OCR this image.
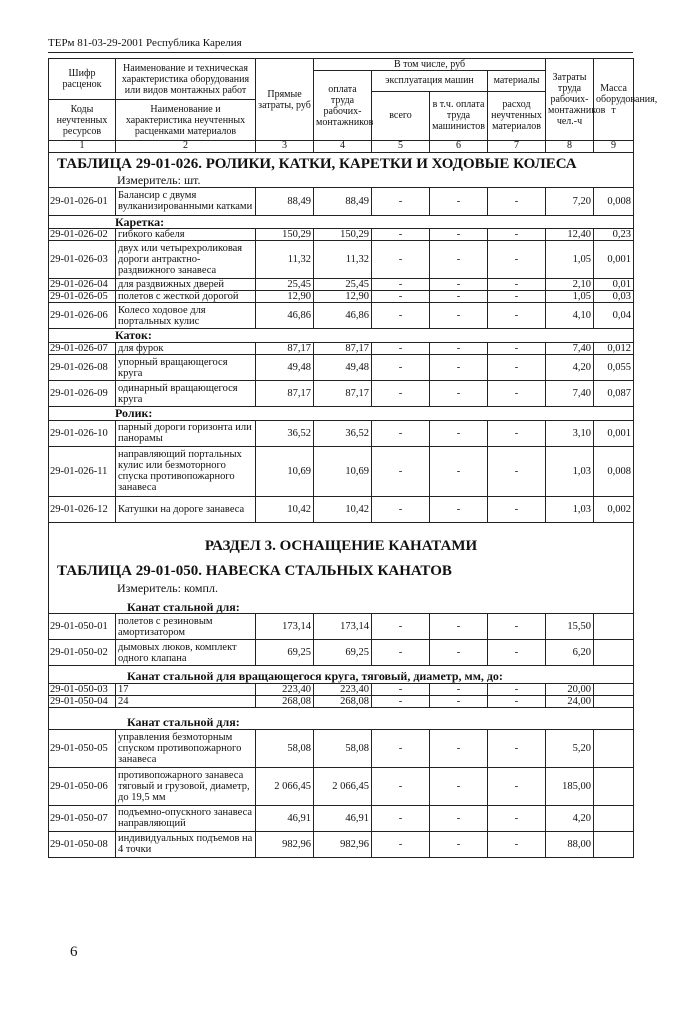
ТЕРм 81-03-29-2001 Республика Карелия
Шифр расценок	Наименование и техническая характеристика оборудования или видов монтажных работ	Прямые затраты, руб	В том числе, руб				Затраты труда рабочих-монтажников чел.-ч	Масса оборудования, т
			оплата труда рабочих-монтажников	эксплуатация машин		материалы		
				всего	в т.ч. оплата труда машинистов	расход неучтенных материалов		
Коды неучтенных ресурсов	Наименование и характеристика неучтенных расценками материалов							

1	2	3	4	5	6	7	8	9
ТАБЛИЦА 29-01-026. РОЛИКИ, КАТКИ, КАРЕТКИ И ХОДОВЫЕ КОЛЕСА								
Измеритель: шт.								
29-01-026-01	Балансир с двумя вулканизированными катками	88,49	88,49	-	-	-	7,20	0,008
Каретка:								
29-01-026-02	гибкого кабеля	150,29	150,29	-	-	-	12,40	0,23
29-01-026-03	двух или четырехроликовая дороги антрактно-раздвижного занавеса	11,32	11,32	-	-	-	1,05	0,001
29-01-026-04	для раздвижных дверей	25,45	25,45	-	-	-	2,10	0,01
29-01-026-05	полетов с жесткой дорогой	12,90	12,90	-	-	-	1,05	0,03
29-01-026-06	Колесо ходовое для портальных кулис	46,86	46,86	-	-	-	4,10	0,04
Каток:								
29-01-026-07	для фурок	87,17	87,17	-	-	-	7,40	0,012
29-01-026-08	упорный вращающегося круга	49,48	49,48	-	-	-	4,20	0,055
29-01-026-09	одинарный вращающегося круга	87,17	87,17	-	-	-	7,40	0,087
Ролик:								
29-01-026-10	парный дороги горизонта или панорамы	36,52	36,52	-	-	-	3,10	0,001
29-01-026-11	направляющий портальных кулис или безмоторного спуска противопожарного занавеса	10,69	10,69	-	-	-	1,03	0,008
29-01-026-12	Катушки на дороге занавеса	10,42	10,42	-	-	-	1,03	0,002

РАЗДЕЛ 3. ОСНАЩЕНИЕ КАНАТАМИ								
ТАБЛИЦА 29-01-050. НАВЕСКА СТАЛЬНЫХ КАНАТОВ								
Измеритель: компл.								
Канат стальной для:								
29-01-050-01	полетов с резиновым амортизатором	173,14	173,14	-	-	-	15,50	
29-01-050-02	дымовых люков, комплект одного клапана	69,25	69,25	-	-	-	6,20	
Канат стальной для вращающегося круга, тяговый, диаметр, мм, до:								
29-01-050-03	17	223,40	223,40	-	-	-	20,00	
29-01-050-04	24	268,08	268,08	-	-	-	24,00	
Канат стальной для:								
29-01-050-05	управления безмоторным спуском противопожарного занавеса	58,08	58,08	-	-	-	5,20	
29-01-050-06	противопожарного занавеса тяговый и грузовой, диаметр, до 19,5 мм	2 066,45	2 066,45	-	-	-	185,00	
29-01-050-07	подъемно-опускного занавеса направляющий	46,91	46,91	-	-	-	4,20	
29-01-050-08	индивидуальных подъемов на 4 точки	982,96	982,96	-	-	-	88,00	
6
